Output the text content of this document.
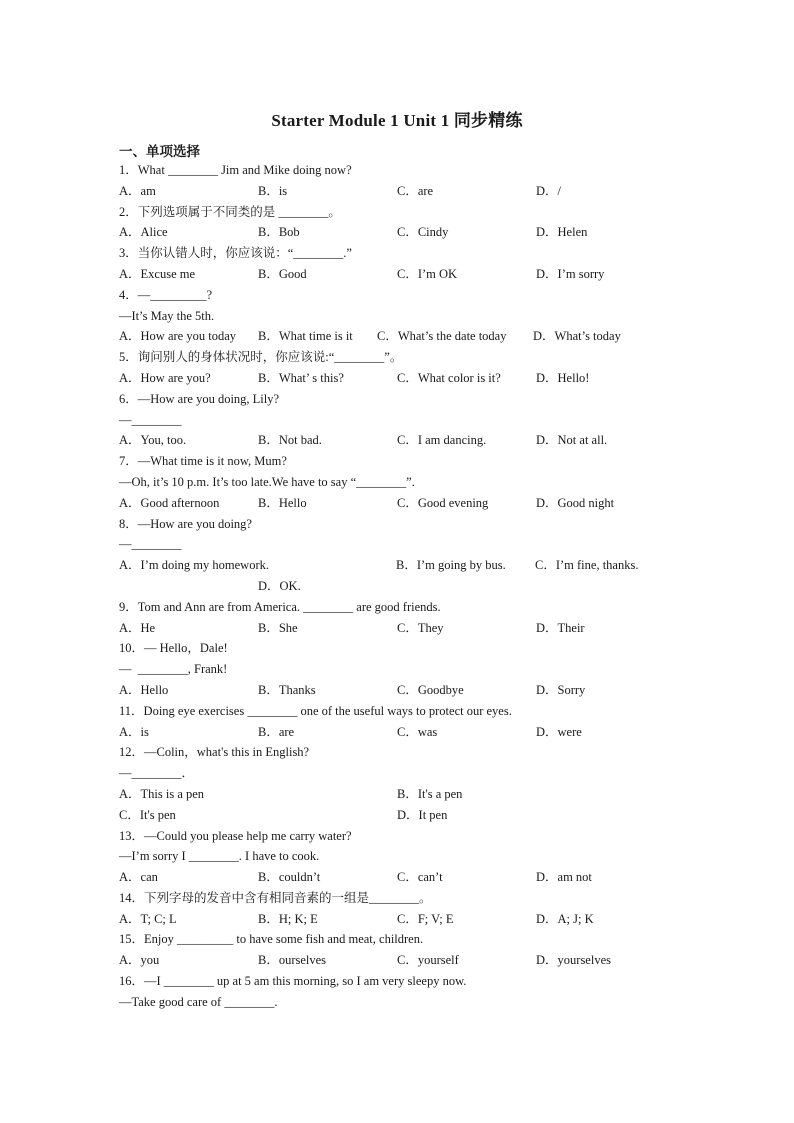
Starter Module 1 Unit 1 同步精练
一、单项选择
1．What ________ Jim and Mike doing now?

A．am

	B．is

	C．are

	D．/

2．下列选项属于不同类的是 ________。

A．Alice

	B．Bob

	C．Cindy

	D．Helen

3．当你认错人时，你应该说：“________.”

A．Excuse me

	B．Good

	C．I’m OK

	D．I’m sorry

4．—_________?
—It’s May the 5th.

A．How are you today

B．What time is it

C．What’s the date today

D．What’s today

5．询问别人的身体状况时，你应该说:“________”。

A．How are you?

	B．What’ s this?

	C．What color is it?

	D．Hello!

6．—How are you doing, Lily?
—________

A．You, too.

	B．Not bad.

	C．I am dancing.

	D．Not at all.

7．—What time is it now, Mum?
—Oh, it’s 10 p.m. It’s too late.We have to say “________”.

A．Good afternoon

	B．Hello

	C．Good evening

	D．Good night

8．—How are you doing?
—________

A．I’m doing my homework.

	B．I’m going by bus.

C．I’m fine, thanks.

D．OK.

9．Tom and Ann are from America. ________ are good friends.

A．He

	B．She

	C．They

	D．Their

10．— Hello，Dale!
—  ________, Frank!

A．Hello

	B．Thanks

	C．Goodbye

	D．Sorry

11．Doing eye exercises ________ one of the useful ways to protect our eyes.

A．is

	B．are

	C．was

	D．were

12．—Colin，what's this in English?
—________．

A．This is a pen

	B．It's a pen

C．It's pen

	D．It pen

13．—Could you please help me carry water?
—I’m sorry I ________. I have to cook.

A．can

	B．couldn’t

	C．can’t

	D．am not

14．下列字母的发音中含有相同音素的一组是________。

A．T; C; L

	B．H; K; E

	C．F; V; E

	D．A; J; K

15．Enjoy _________ to have some fish and meat, children.

A．you

	B．ourselves

	C．yourself

	D．yourselves

16．—I ________ up at 5 am this morning, so I am very sleepy now.
—Take good care of ________.
